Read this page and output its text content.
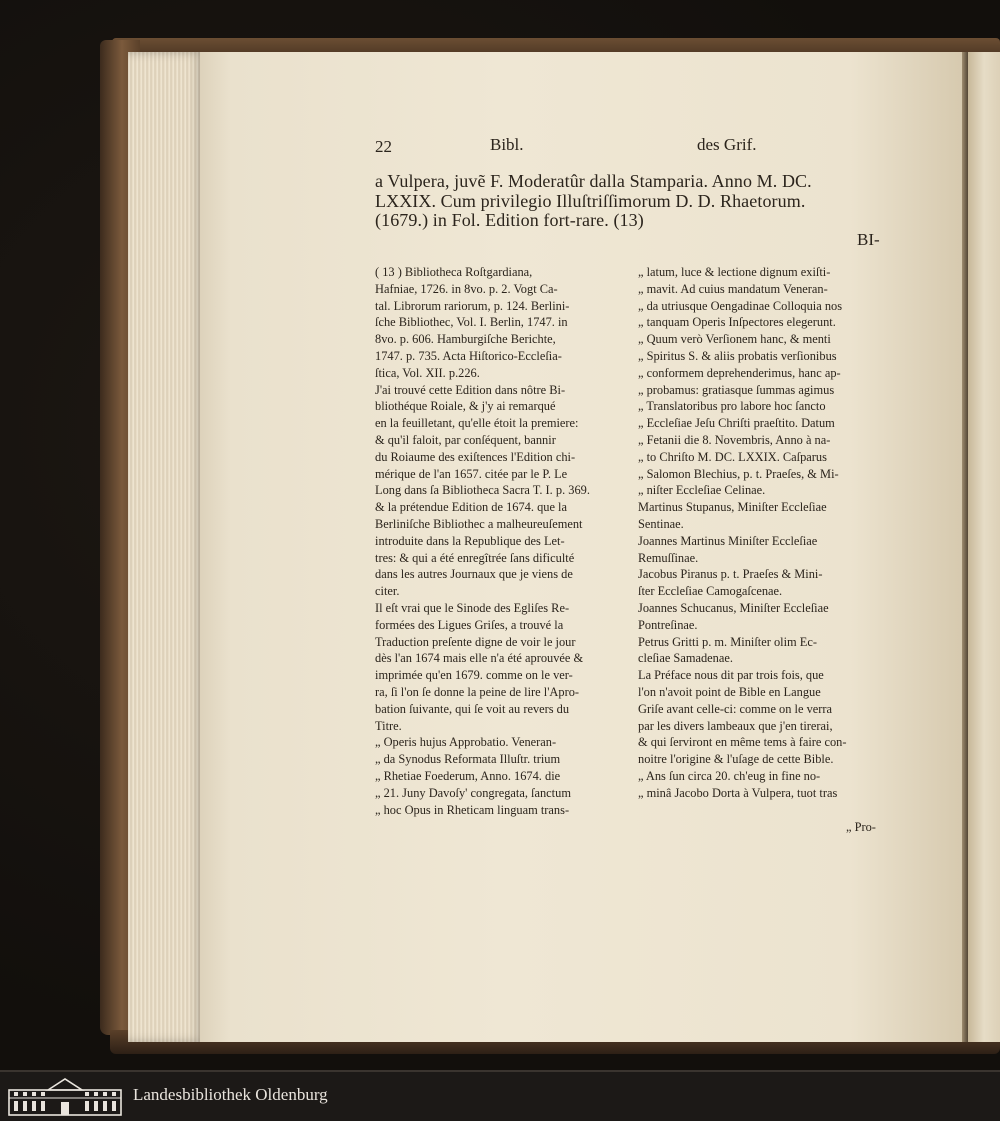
22	Bibl.	des Grif.
a Vulpera, juvẽ F. Moderatûr dalla Stamparia. Anno M. DC.
LXXIX. Cum privilegio Illuſtriſſimorum D. D. Rhaetorum.
(1679.) in Fol. Edition fort-rare. (13)
BI-
( 13 ) Bibliotheca Roſtgardiana,
Hafniae, 1726. in 8vo. p. 2. Vogt Ca-
tal. Librorum rariorum, p. 124. Berlini-
ſche Bibliothec, Vol. I. Berlin, 1747. in
8vo. p. 606. Hamburgiſche Berichte,
1747. p. 735. Acta Hiſtorico-Eccleſia-
ſtica, Vol. XII. p.226.
J'ai trouvé cette Edition dans nôtre Bi-
bliothéque Roiale, & j'y ai remarqué
en la feuilletant, qu'elle étoit la premiere:
& qu'il faloit, par conſéquent, bannir
du Roiaume des exiſtences l'Edition chi-
mérique de l'an 1657. citée par le P. Le
Long dans ſa Bibliotheca Sacra T. I. p. 369.
& la prétendue Edition de 1674. que la
Berliniſche Bibliothec a malheureuſement
introduite dans la Republique des Let-
tres: & qui a été enregîtrée ſans dificulté
dans les autres Journaux que je viens de
citer.
Il eſt vrai que le Sinode des Egliſes Re-
formées des Ligues Griſes, a trouvé la
Traduction preſente digne de voir le jour
dès l'an 1674 mais elle n'a été aprouvée &
imprimée qu'en 1679. comme on le ver-
ra, ſi l'on ſe donne la peine de lire l'Apro-
bation ſuivante, qui ſe voit au revers du
Titre.
„ Operis hujus Approbatio. Veneran-
„ da Synodus Reformata Illuſtr. trium
„ Rhetiae Foederum, Anno. 1674. die
„ 21. Juny Davoſy' congregata, ſanctum
„ hoc Opus in Rheticam linguam trans-
„ latum, luce & lectione dignum exiſti-
„ mavit. Ad cuius mandatum Veneran-
„ da utriusque Oengadinae Colloquia nos
„ tanquam Operis Inſpectores elegerunt.
„ Quum verò Verſionem hanc, & menti
„ Spiritus S. & aliis probatis verſionibus
„ conformem deprehenderimus, hanc ap-
„ probamus: gratiasque ſummas agimus
„ Translatoribus pro labore hoc ſancto
„ Eccleſiae Jeſu Chriſti praeſtito. Datum
„ Fetanii die 8. Novembris, Anno à na-
„ to Chriſto M. DC. LXXIX. Caſparus
„ Salomon Blechius, p. t. Praeſes, & Mi-
„ niſter Eccleſiae Celinae.
Martinus Stupanus, Miniſter Eccleſiae
Sentinae.
Joannes Martinus Miniſter Eccleſiae
Remuſſinae.
Jacobus Piranus p. t. Praeſes & Mini-
ſter Eccleſiae Camogaſcenae.
Joannes Schucanus, Miniſter Eccleſiae
Pontreſinae.
Petrus Gritti p. m. Miniſter olim Ec-
cleſiae Samadenae.
La Préface nous dit par trois fois, que
l'on n'avoit point de Bible en Langue
Griſe avant celle-ci: comme on le verra
par les divers lambeaux que j'en tirerai,
& qui ſerviront en même tems à faire con-
noitre l'origine & l'uſage de cette Bible.
„ Ans ſun circa 20. ch'eug in fine no-
„ minâ Jacobo Dorta à Vulpera, tuot tras
„ Pro-
Landesbibliothek Oldenburg
